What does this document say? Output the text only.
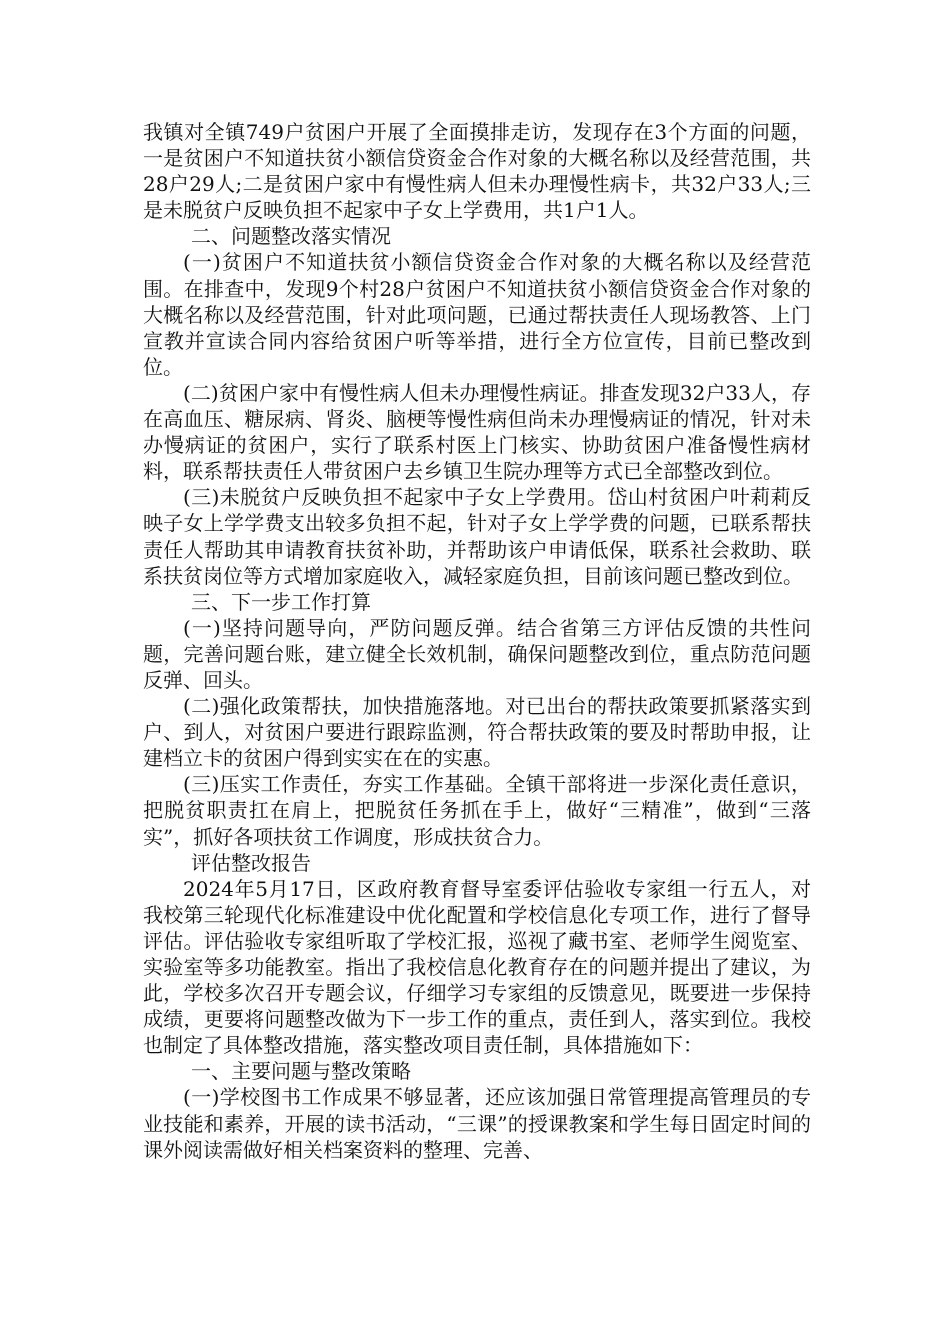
我镇对全镇749户贫困户开展了全面摸排走访，发现存在3个方面的问题，一是贫困户不知道扶贫小额信贷资金合作对象的大概名称以及经营范围，共28户29人;二是贫困户家中有慢性病人但未办理慢性病卡，共32户33人;三是未脱贫户反映负担不起家中子女上学费用，共1户1人。

二、问题整改落实情况

(一)贫困户不知道扶贫小额信贷资金合作对象的大概名称以及经营范围。在排查中，发现9个村28户贫困户不知道扶贫小额信贷资金合作对象的大概名称以及经营范围，针对此项问题，已通过帮扶责任人现场教答、上门宣教并宣读合同内容给贫困户听等举措，进行全方位宣传，目前已整改到位。

(二)贫困户家中有慢性病人但未办理慢性病证。排查发现32户33人，存在高血压、糖尿病、肾炎、脑梗等慢性病但尚未办理慢病证的情况，针对未办慢病证的贫困户，实行了联系村医上门核实、协助贫困户准备慢性病材料，联系帮扶责任人带贫困户去乡镇卫生院办理等方式已全部整改到位。

(三)未脱贫户反映负担不起家中子女上学费用。岱山村贫困户叶莉莉反映子女上学学费支出较多负担不起，针对子女上学学费的问题，已联系帮扶责任人帮助其申请教育扶贫补助，并帮助该户申请低保，联系社会救助、联系扶贫岗位等方式增加家庭收入，减轻家庭负担，目前该问题已整改到位。

三、下一步工作打算

(一)坚持问题导向，严防问题反弹。结合省第三方评估反馈的共性问题，完善问题台账，建立健全长效机制，确保问题整改到位，重点防范问题反弹、回头。

(二)强化政策帮扶，加快措施落地。对已出台的帮扶政策要抓紧落实到户、到人，对贫困户要进行跟踪监测，符合帮扶政策的要及时帮助申报，让建档立卡的贫困户得到实实在在的实惠。

(三)压实工作责任，夯实工作基础。全镇干部将进一步深化责任意识，把脱贫职责扛在肩上，把脱贫任务抓在手上，做好“三精准”，做到“三落实”，抓好各项扶贫工作调度，形成扶贫合力。

评估整改报告

2024年5月17日，区政府教育督导室委评估验收专家组一行五人，对我校第三轮现代化标准建设中优化配置和学校信息化专项工作，进行了督导评估。评估验收专家组听取了学校汇报，巡视了藏书室、老师学生阅览室、实验室等多功能教室。指出了我校信息化教育存在的问题并提出了建议，为此，学校多次召开专题会议，仔细学习专家组的反馈意见，既要进一步保持成绩，更要将问题整改做为下一步工作的重点，责任到人，落实到位。我校也制定了具体整改措施，落实整改项目责任制，具体措施如下：

一、主要问题与整改策略

(一)学校图书工作成果不够显著，还应该加强日常管理提高管理员的专业技能和素养，开展的读书活动，“三课”的授课教案和学生每日固定时间的课外阅读需做好相关档案资料的整理、完善、
